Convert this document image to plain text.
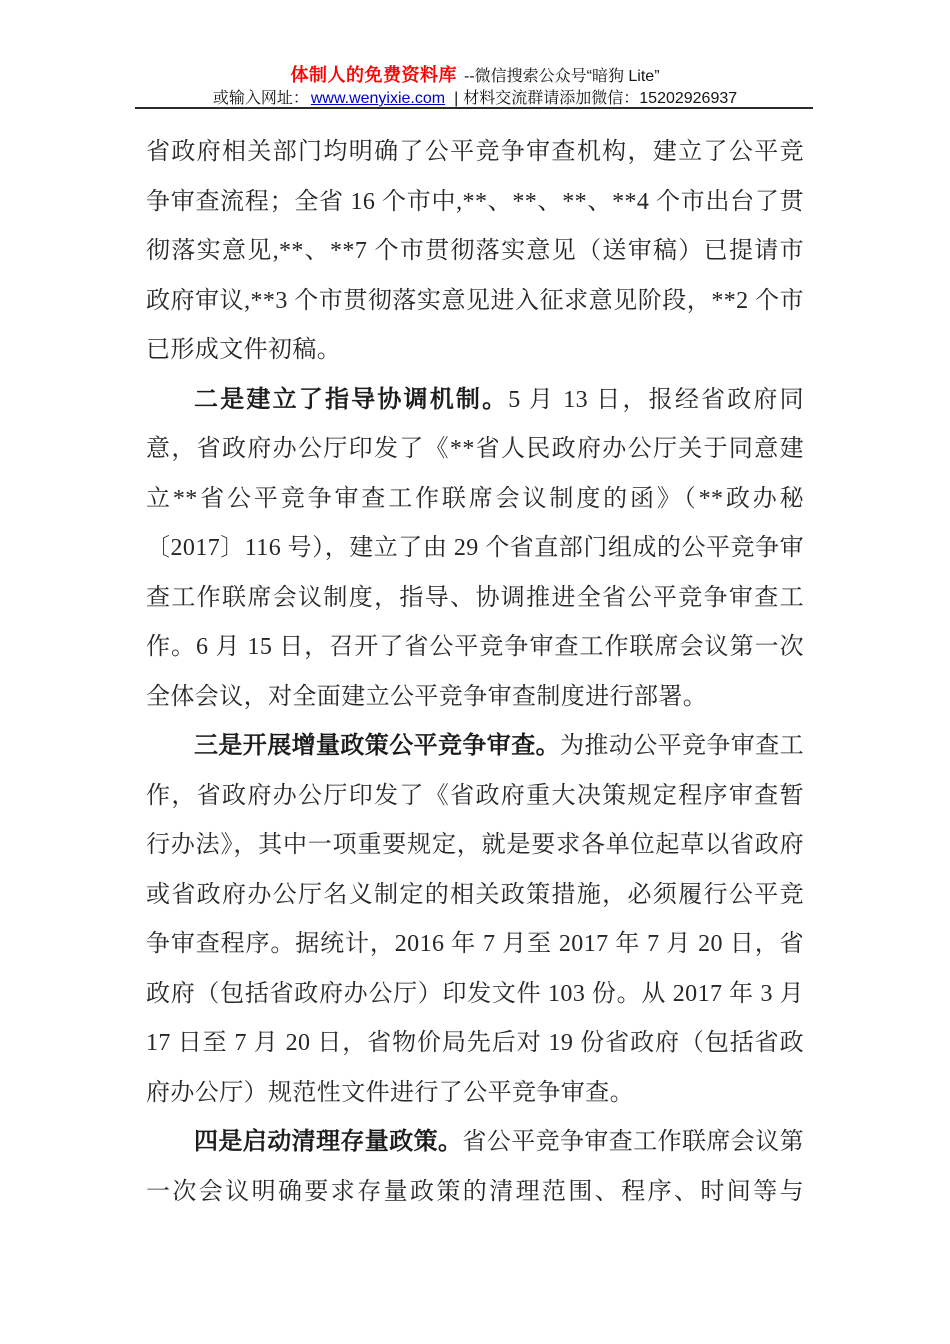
体制人的免费资料库 --微信搜索公众号“暗狗 Lite”
或输入网址： www.wenyixie.com | 材料交流群请添加微信：15202926937

省政府相关部门均明确了公平竞争审查机构，建立了公平竞争审查流程；全省 16 个市中,**、**、**、**4 个市出台了贯彻落实意见,**、**7 个市贯彻落实意见（送审稿）已提请市政府审议,**3 个市贯彻落实意见进入征求意见阶段，**2 个市已形成文件初稿。

二是建立了指导协调机制。5 月 13 日，报经省政府同意，省政府办公厅印发了《**省人民政府办公厅关于同意建立**省公平竞争审查工作联席会议制度的函》（**政办秘〔2017〕116 号），建立了由 29 个省直部门组成的公平竞争审查工作联席会议制度，指导、协调推进全省公平竞争审查工作。6 月 15 日，召开了省公平竞争审查工作联席会议第一次全体会议，对全面建立公平竞争审查制度进行部署。

三是开展增量政策公平竞争审查。为推动公平竞争审查工作，省政府办公厅印发了《省政府重大决策规定程序审查暂行办法》，其中一项重要规定，就是要求各单位起草以省政府或省政府办公厅名义制定的相关政策措施，必须履行公平竞争审查程序。据统计，2016 年 7 月至 2017 年 7 月 20 日，省政府（包括省政府办公厅）印发文件 103 份。从 2017 年 3 月 17 日至 7 月 20 日，省物价局先后对 19 份省政府（包括省政府办公厅）规范性文件进行了公平竞争审查。

四是启动清理存量政策。省公平竞争审查工作联席会议第一次会议明确要求存量政策的清理范围、程序、时间等与
